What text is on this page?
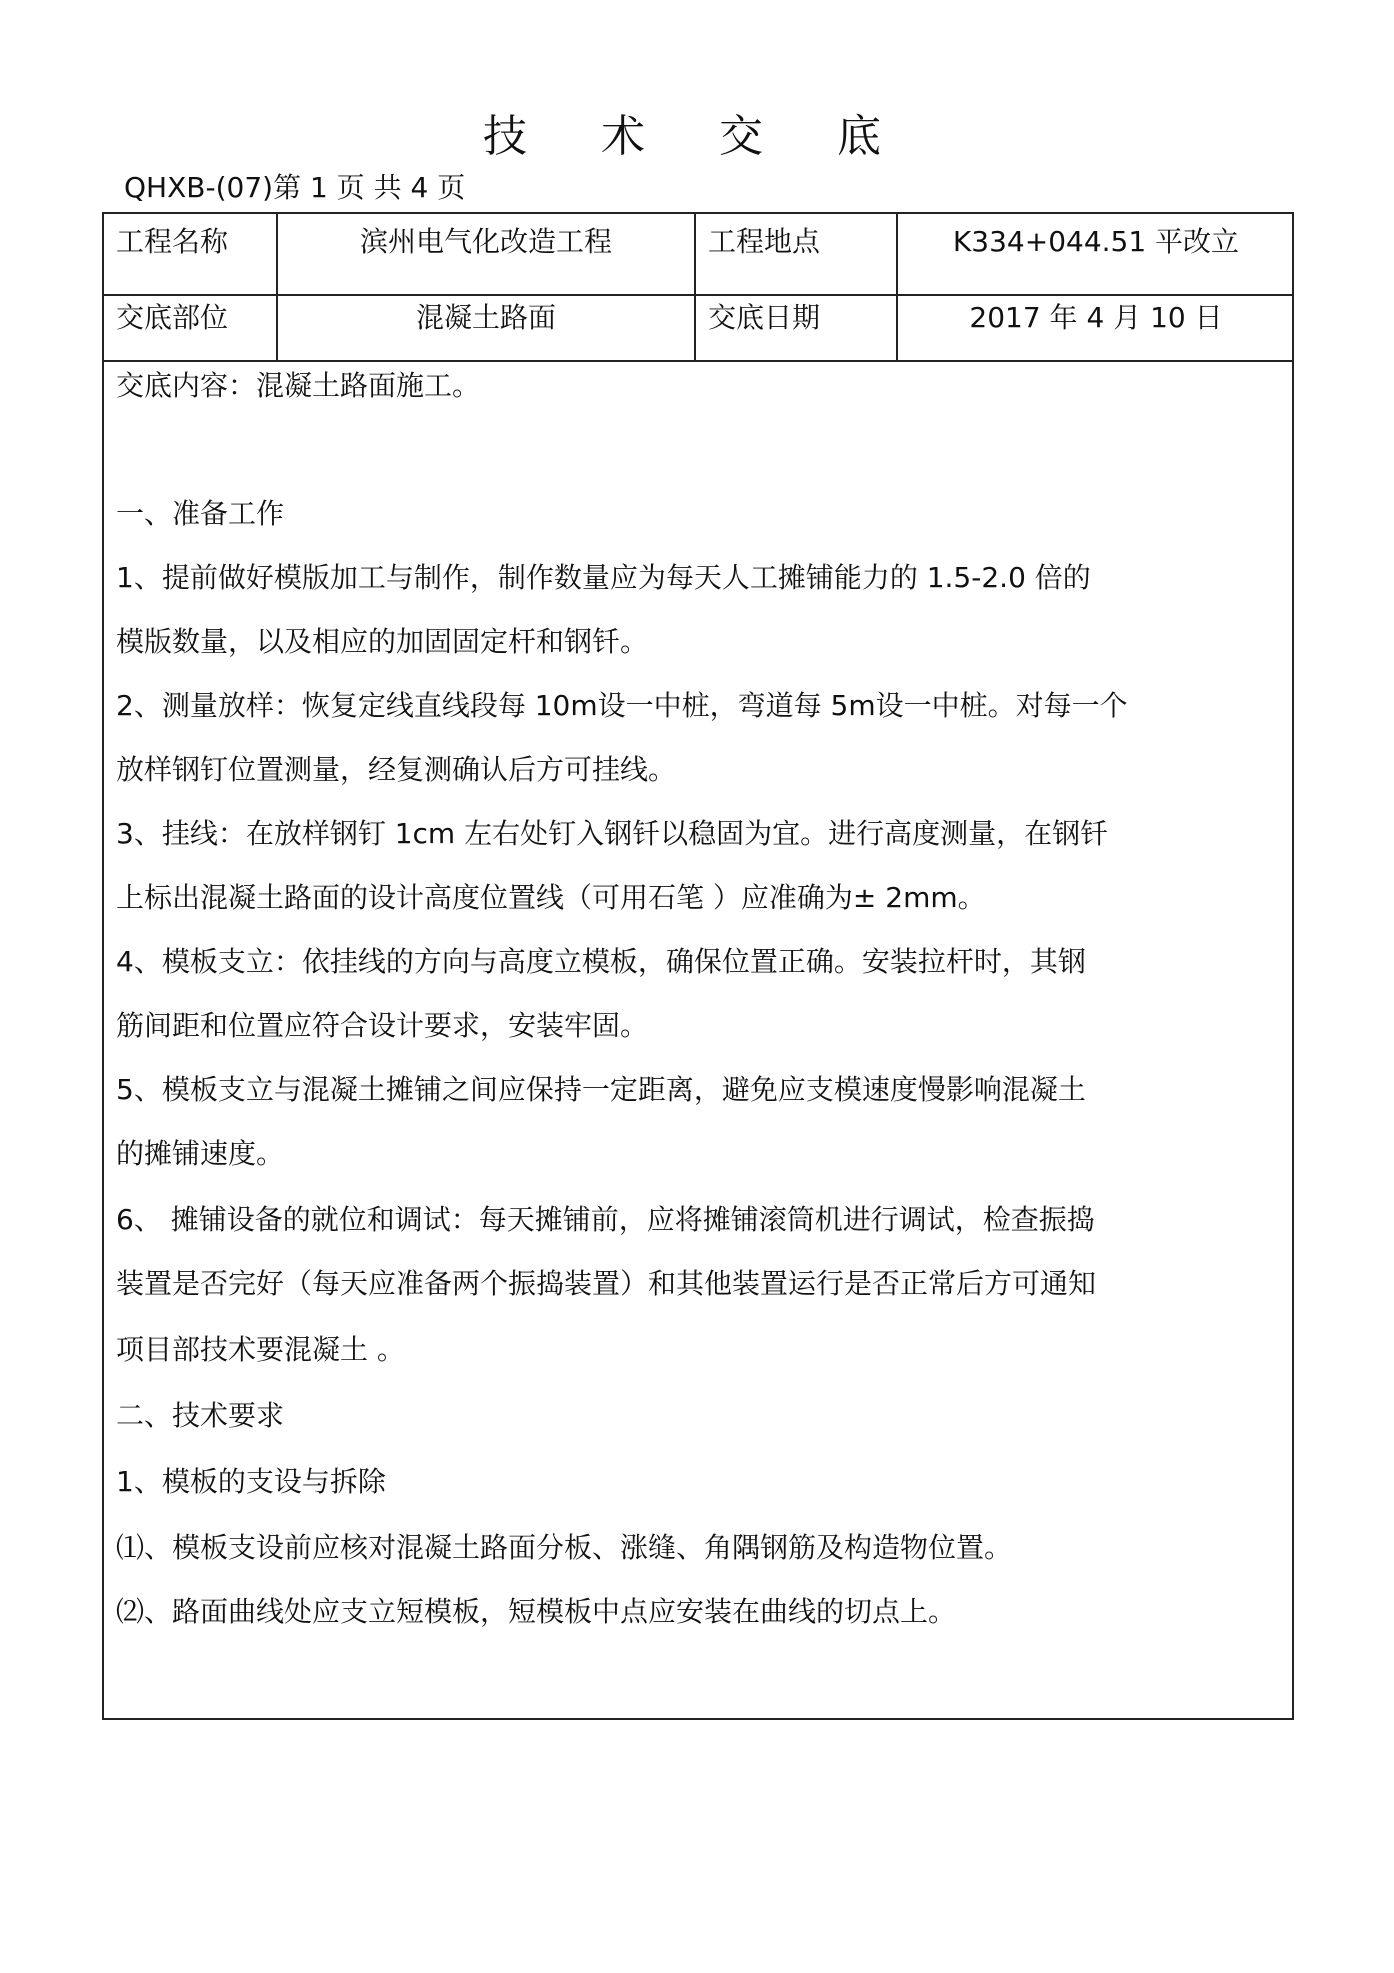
技 术 交 底
QHXB-(07)第 1 页 共 4 页
工程名称	滨州电气化改造工程	工程地点	K334+044.51 平改立
交底部位	混凝土路面	交底日期	2017 年 4 月 10 日
交底内容：混凝土路面施工。
一、准备工作
1、提前做好模版加工与制作，制作数量应为每天人工摊铺能力的 1.5-2.0 倍的
模版数量，以及相应的加固固定杆和钢钎。
2、测量放样：恢复定线直线段每 10m设一中桩，弯道每 5m设一中桩。对每一个
放样钢钉位置测量，经复测确认后方可挂线。
3、挂线：在放样钢钉 1cm 左右处钉入钢钎以稳固为宜。进行高度测量，在钢钎
上标出混凝土路面的设计高度位置线（可用石笔 ）应准确为± 2mm。
4、模板支立：依挂线的方向与高度立模板，确保位置正确。安装拉杆时，其钢
筋间距和位置应符合设计要求，安装牢固。
5、模板支立与混凝土摊铺之间应保持一定距离，避免应支模速度慢影响混凝土
的摊铺速度。
6、 摊铺设备的就位和调试：每天摊铺前，应将摊铺滚筒机进行调试，检查振捣
装置是否完好（每天应准备两个振捣装置）和其他装置运行是否正常后方可通知
项目部技术要混凝土 。
二、技术要求
1、模板的支设与拆除
⑴、模板支设前应核对混凝土路面分板、涨缝、角隅钢筋及构造物位置。
⑵、路面曲线处应支立短模板，短模板中点应安装在曲线的切点上。
